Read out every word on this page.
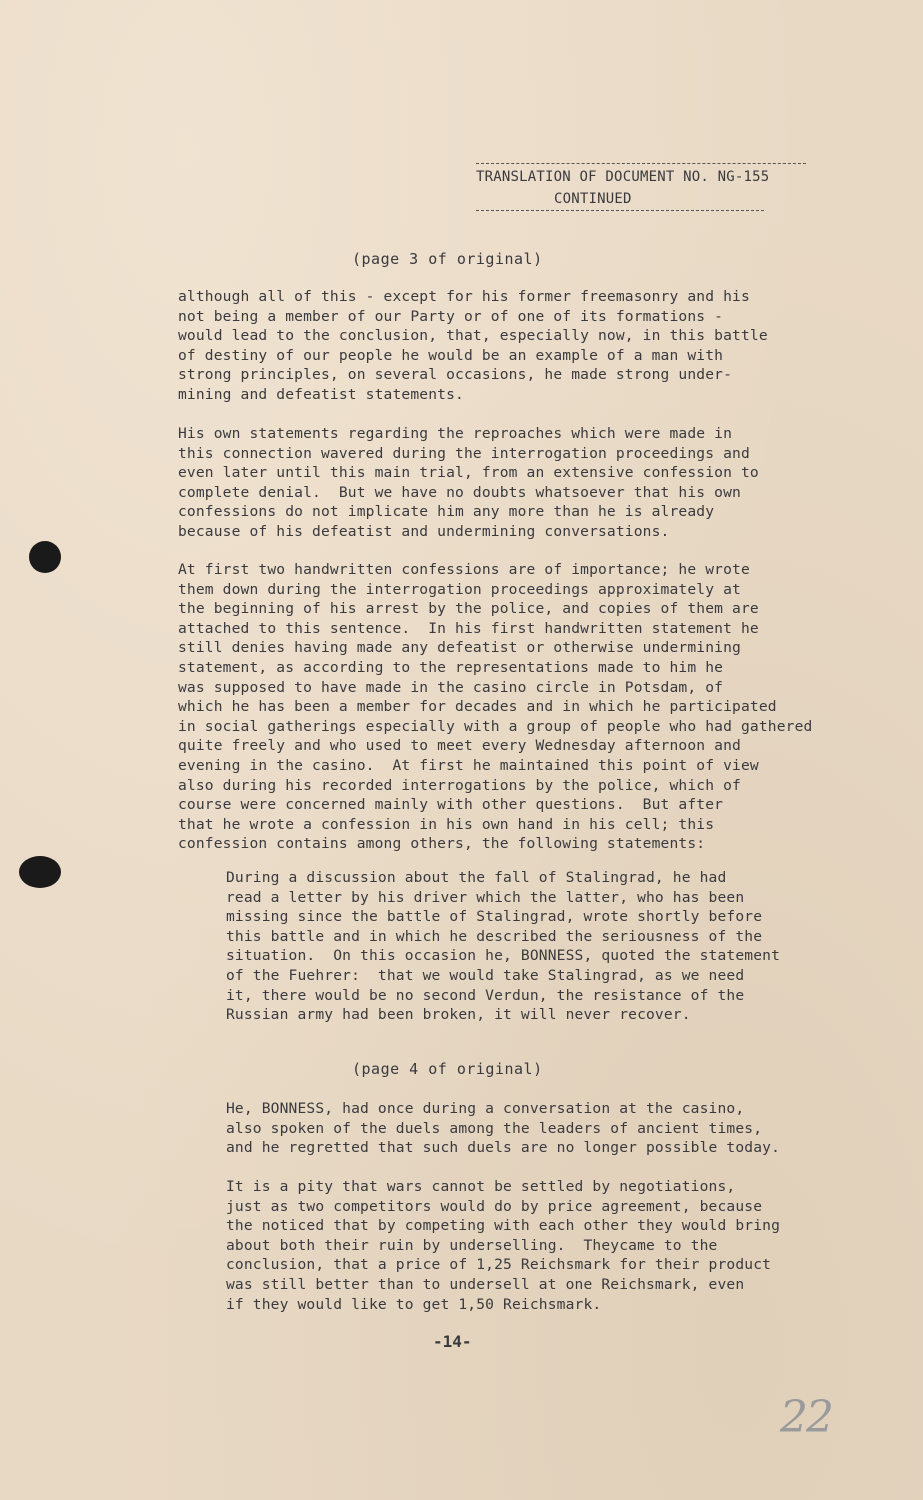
TRANSLATION OF DOCUMENT NO. NG-155
CONTINUED
(page 3 of original)
although all of this - except for his former freemasonry and his
not being a member of our Party or of one of its formations -
would lead to the conclusion, that, especially now, in this battle
of destiny of our people he would be an example of a man with
strong principles, on several occasions, he made strong under-
mining and defeatist statements.
His own statements regarding the reproaches which were made in
this connection wavered during the interrogation proceedings and
even later until this main trial, from an extensive confession to
complete denial.  But we have no doubts whatsoever that his own
confessions do not implicate him any more than he is already
because of his defeatist and undermining conversations.
At first two handwritten confessions are of importance; he wrote
them down during the interrogation proceedings approximately at
the beginning of his arrest by the police, and copies of them are
attached to this sentence.  In his first handwritten statement he
still denies having made any defeatist or otherwise undermining
statement, as according to the representations made to him he
was supposed to have made in the casino circle in Potsdam, of
which he has been a member for decades and in which he participated
in social gatherings especially with a group of people who had gathered
quite freely and who used to meet every Wednesday afternoon and
evening in the casino.  At first he maintained this point of view
also during his recorded interrogations by the police, which of
course were concerned mainly with other questions.  But after
that he wrote a confession in his own hand in his cell; this
confession contains among others, the following statements:
During a discussion about the fall of Stalingrad, he had
read a letter by his driver which the latter, who has been
missing since the battle of Stalingrad, wrote shortly before
this battle and in which he described the seriousness of the
situation.  On this occasion he, BONNESS, quoted the statement
of the Fuehrer:  that we would take Stalingrad, as we need
it, there would be no second Verdun, the resistance of the
Russian army had been broken, it will never recover.
(page 4 of original)
He, BONNESS, had once during a conversation at the casino,
also spoken of the duels among the leaders of ancient times,
and he regretted that such duels are no longer possible today.
It is a pity that wars cannot be settled by negotiations,
just as two competitors would do by price agreement, because
the noticed that by competing with each other they would bring
about both their ruin by underselling.  Theycame to the
conclusion, that a price of 1,25 Reichsmark for their product
was still better than to undersell at one Reichsmark, even
if they would like to get 1,50 Reichsmark.
-14-
22
